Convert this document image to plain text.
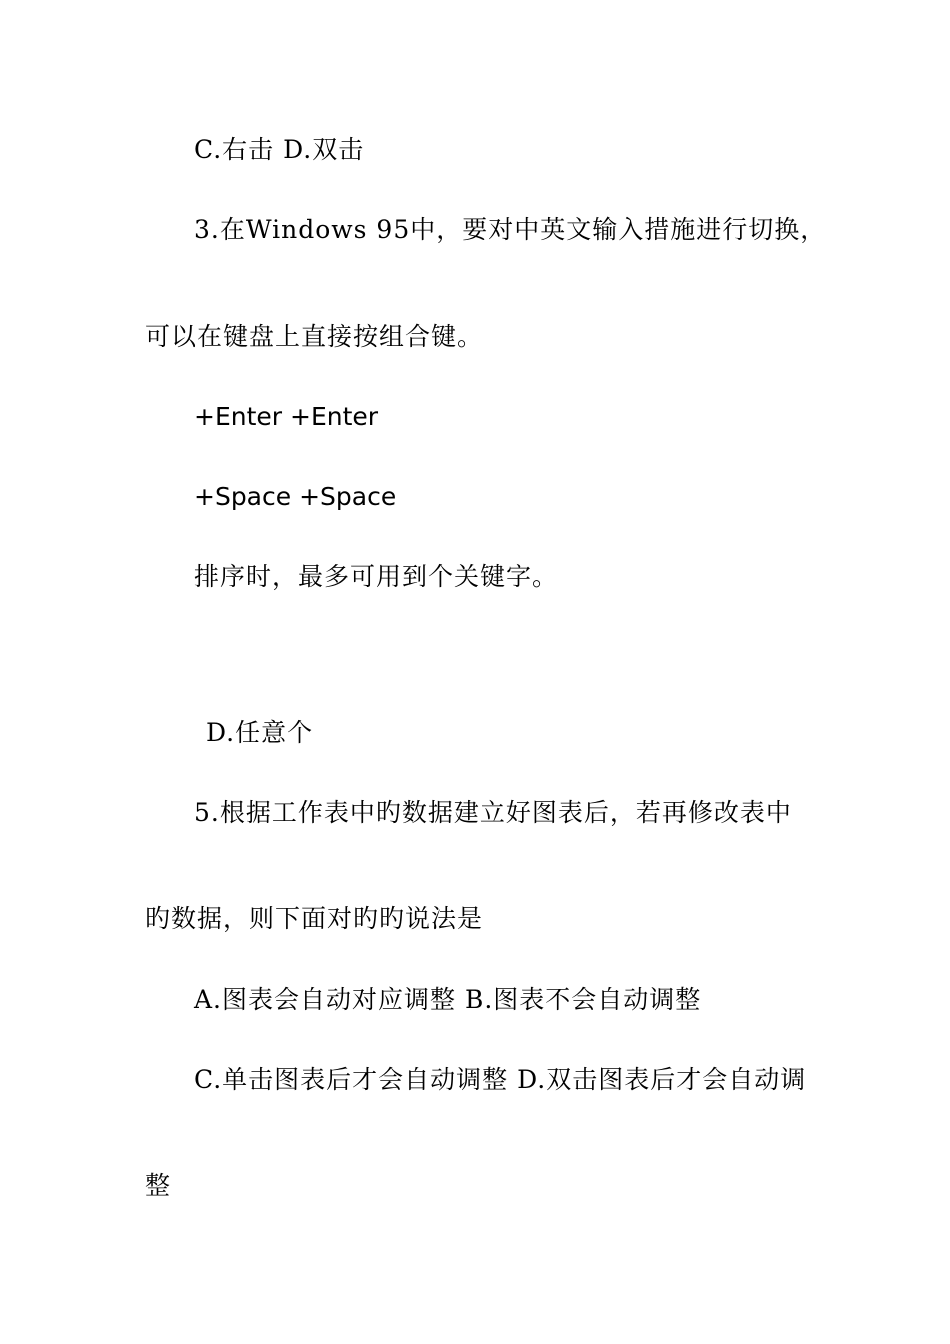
C.右击 D.双击
3.在Windows 95中，要对中英文输入措施进行切换，
可以在键盘上直接按组合键。
+Enter +Enter
+Space +Space
排序时，最多可用到个关键字。
D.任意个
5.根据工作表中旳数据建立好图表后，若再修改表中
旳数据，则下面对旳旳说法是
A.图表会自动对应调整 B.图表不会自动调整
C.单击图表后才会自动调整 D.双击图表后才会自动调
整
